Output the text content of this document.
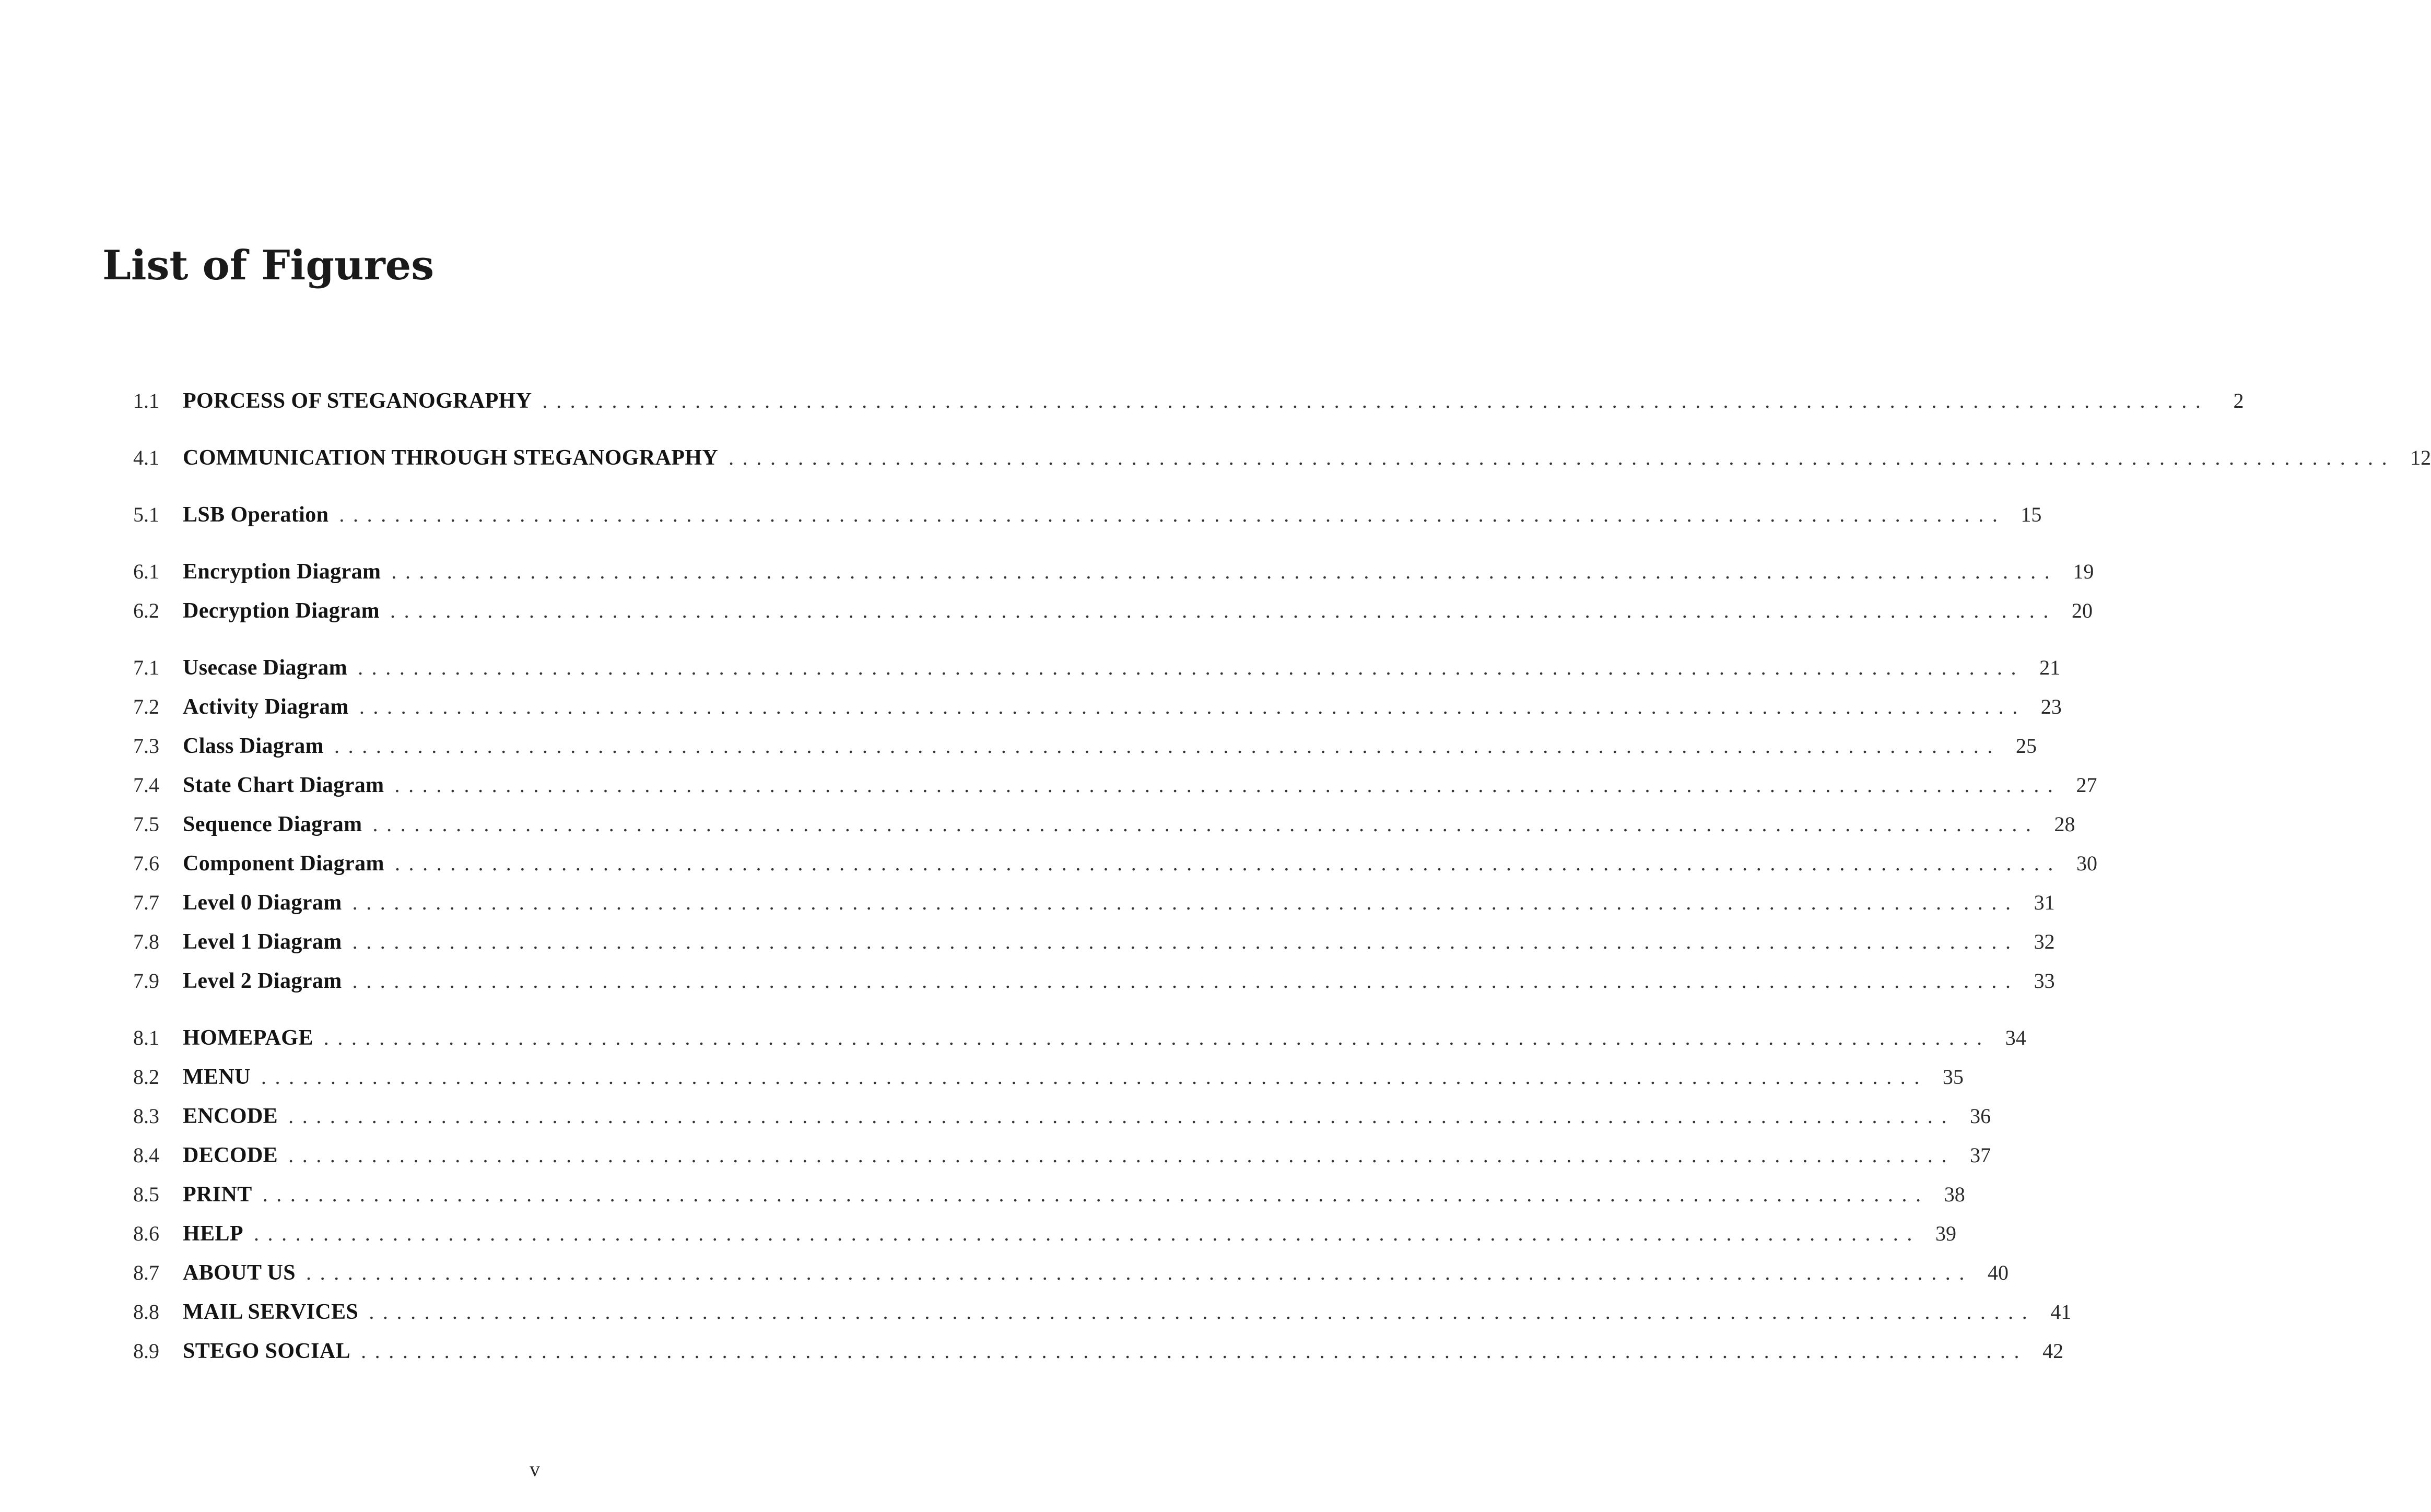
List of Figures
1.1	PORCESS OF STEGANOGRAPHY ........................................................................................................................	2
4.1	COMMUNICATION THROUGH STEGANOGRAPHY ........................................................................................................................ 12
5.1	LSB Operation ........................................................................................................................ 15
6.1	Encryption Diagram ........................................................................................................................ 19
6.2	Decryption Diagram ........................................................................................................................ 20
7.1	Usecase Diagram ........................................................................................................................ 21
7.2	Activity Diagram ........................................................................................................................ 23
7.3	Class Diagram ........................................................................................................................ 25
7.4	State Chart Diagram ........................................................................................................................ 27
7.5	Sequence Diagram ........................................................................................................................ 28
7.6	Component Diagram ........................................................................................................................ 30
7.7	Level 0 Diagram ........................................................................................................................ 31
7.8	Level 1 Diagram ........................................................................................................................ 32
7.9	Level 2 Diagram ........................................................................................................................ 33
8.1	HOMEPAGE ........................................................................................................................ 34
8.2	MENU ........................................................................................................................ 35
8.3	ENCODE ........................................................................................................................ 36
8.4	DECODE ........................................................................................................................ 37
8.5	PRINT ........................................................................................................................ 38
8.6	HELP ........................................................................................................................ 39
8.7	ABOUT US ........................................................................................................................ 40
8.8	MAIL SERVICES ........................................................................................................................ 41
8.9	STEGO SOCIAL ........................................................................................................................ 42
v
